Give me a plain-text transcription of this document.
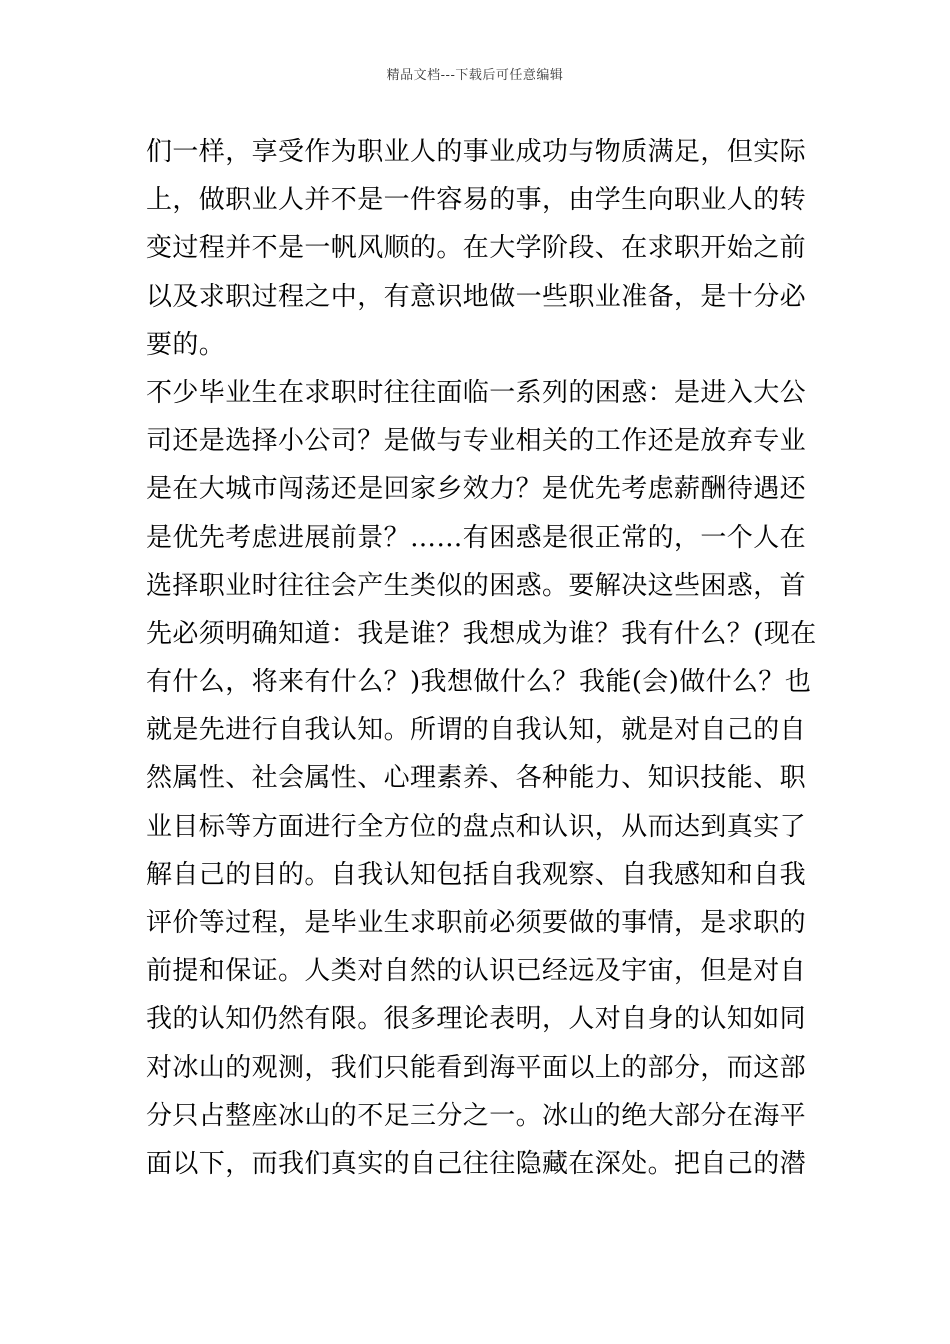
精品文档---下载后可任意编辑
们一样，享受作为职业人的事业成功与物质满足，但实际
上，做职业人并不是一件容易的事，由学生向职业人的转
变过程并不是一帆风顺的。在大学阶段、在求职开始之前
以及求职过程之中，有意识地做一些职业准备，是十分必
要的。
不少毕业生在求职时往往面临一系列的困惑：是进入大公
司还是选择小公司？是做与专业相关的工作还是放弃专业
是在大城市闯荡还是回家乡效力？是优先考虑薪酬待遇还
是优先考虑进展前景？……有困惑是很正常的，一个人在
选择职业时往往会产生类似的困惑。要解决这些困惑，首
先必须明确知道：我是谁？我想成为谁？我有什么？(现在
有什么，将来有什么？)我想做什么？我能(会)做什么？也
就是先进行自我认知。所谓的自我认知，就是对自己的自
然属性、社会属性、心理素养、各种能力、知识技能、职
业目标等方面进行全方位的盘点和认识，从而达到真实了
解自己的目的。自我认知包括自我观察、自我感知和自我
评价等过程，是毕业生求职前必须要做的事情，是求职的
前提和保证。人类对自然的认识已经远及宇宙，但是对自
我的认知仍然有限。很多理论表明，人对自身的认知如同
对冰山的观测，我们只能看到海平面以上的部分，而这部
分只占整座冰山的不足三分之一。冰山的绝大部分在海平
面以下，而我们真实的自己往往隐藏在深处。把自己的潜
